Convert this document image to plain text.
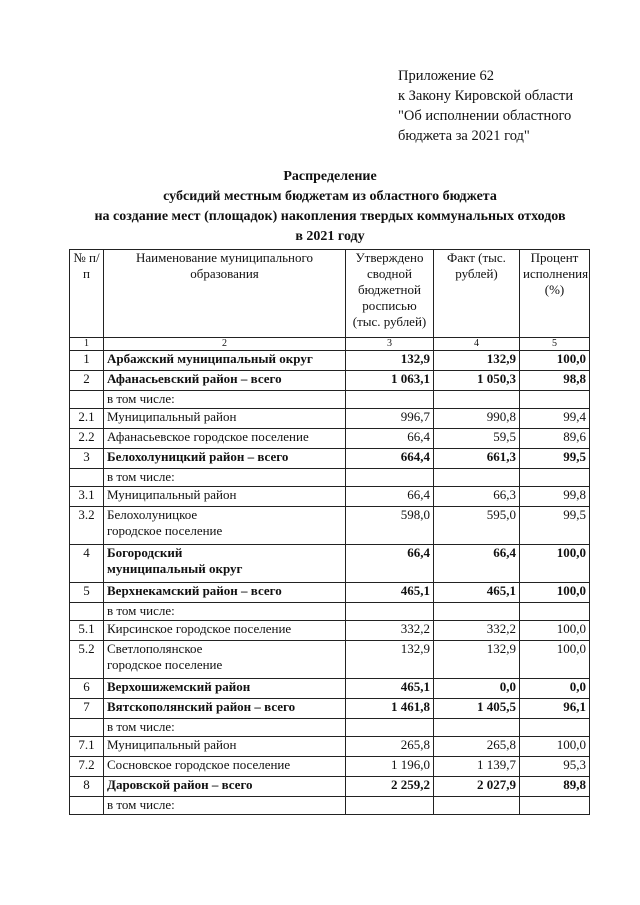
Приложение 62
к Закону Кировской области
"Об исполнении областного
бюджета за 2021 год"
Распределение
субсидий местным бюджетам из областного бюджета
на создание мест (площадок) накопления твердых коммунальных отходов
в 2021 году
№ п/п	Наименование муниципального образования	Утверждено сводной бюджетной росписью (тыс. рублей)	Факт (тыс. рублей)	Процент исполнения (%)
1	2	3	4	5
1	Арбажский муниципальный округ	132,9	132,9	100,0
2	Афанасьевский район – всего	1 063,1	1 050,3	98,8
	в том числе:			
2.1	Муниципальный район	996,7	990,8	99,4
2.2	Афанасьевское городское поселение	66,4	59,5	89,6
3	Белохолуницкий район – всего	664,4	661,3	99,5
	в том числе:			
3.1	Муниципальный район	66,4	66,3	99,8
3.2	Белохолуницкое городское поселение	598,0	595,0	99,5
4	Богородский муниципальный округ	66,4	66,4	100,0
5	Верхнекамский район – всего	465,1	465,1	100,0
	в том числе:			
5.1	Кирсинское городское поселение	332,2	332,2	100,0
5.2	Светлополянское городское поселение	132,9	132,9	100,0
6	Верхошижемский район	465,1	0,0	0,0
7	Вятскополянский район – всего	1 461,8	1 405,5	96,1
	в том числе:			
7.1	Муниципальный район	265,8	265,8	100,0
7.2	Сосновское городское поселение	1 196,0	1 139,7	95,3
8	Даровской район – всего	2 259,2	2 027,9	89,8
	в том числе:			
